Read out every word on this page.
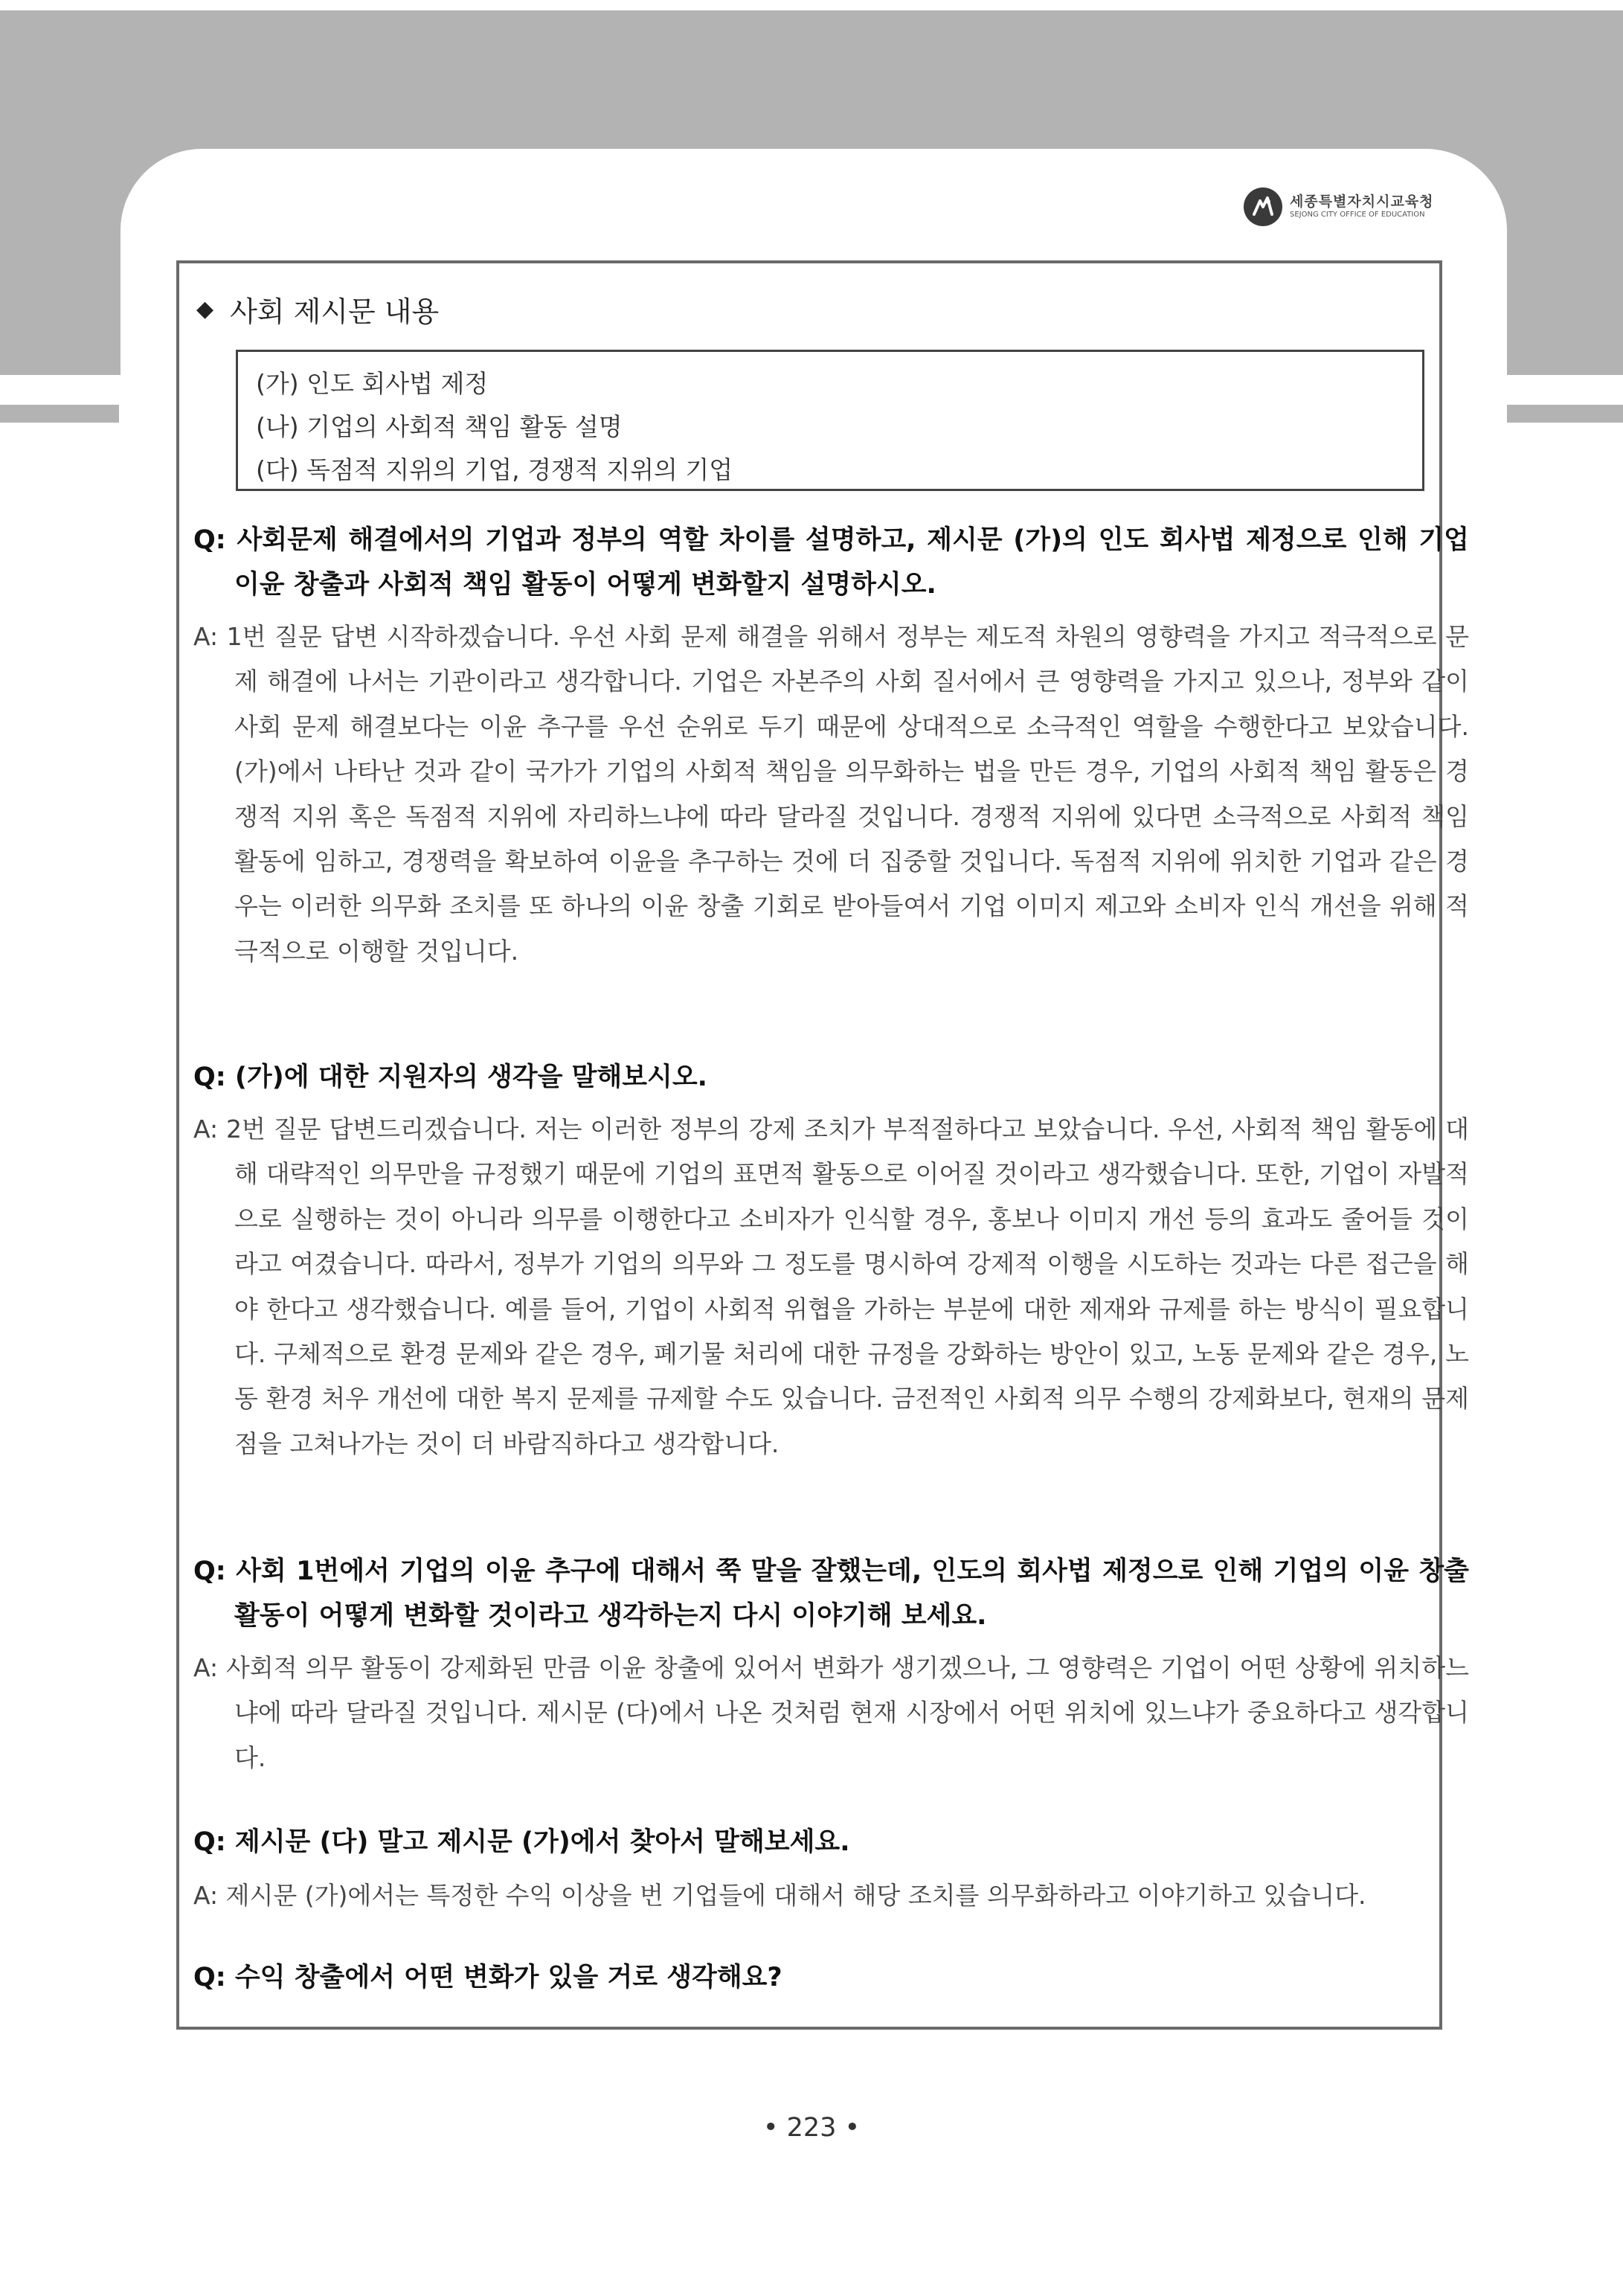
세종특별자치시교육청
SEJONG CITY OFFICE OF EDUCATION
◆ 사회 제시문 내용
(가) 인도 회사법 제정
(나) 기업의 사회적 책임 활동 설명
(다) 독점적 지위의 기업, 경쟁적 지위의 기업
Q: 사회문제 해결에서의 기업과 정부의 역할 차이를 설명하고, 제시문 (가)의 인도 회사법 제정으로 인해 기업 이윤 창출과 사회적 책임 활동이 어떻게 변화할지 설명하시오.
A: 1번 질문 답변 시작하겠습니다. 우선 사회 문제 해결을 위해서 정부는 제도적 차원의 영향력을 가지고 적극적으로 문제 해결에 나서는 기관이라고 생각합니다. 기업은 자본주의 사회 질서에서 큰 영향력을 가지고 있으나, 정부와 같이 사회 문제 해결보다는 이윤 추구를 우선 순위로 두기 때문에 상대적으로 소극적인 역할을 수행한다고 보았습니다. (가)에서 나타난 것과 같이 국가가 기업의 사회적 책임을 의무화하는 법을 만든 경우, 기업의 사회적 책임 활동은 경쟁적 지위 혹은 독점적 지위에 자리하느냐에 따라 달라질 것입니다. 경쟁적 지위에 있다면 소극적으로 사회적 책임 활동에 임하고, 경쟁력을 확보하여 이윤을 추구하는 것에 더 집중할 것입니다. 독점적 지위에 위치한 기업과 같은 경우는 이러한 의무화 조치를 또 하나의 이윤 창출 기회로 받아들여서 기업 이미지 제고와 소비자 인식 개선을 위해 적극적으로 이행할 것입니다.
Q: (가)에 대한 지원자의 생각을 말해보시오.
A: 2번 질문 답변드리겠습니다. 저는 이러한 정부의 강제 조치가 부적절하다고 보았습니다. 우선, 사회적 책임 활동에 대해 대략적인 의무만을 규정했기 때문에 기업의 표면적 활동으로 이어질 것이라고 생각했습니다. 또한, 기업이 자발적으로 실행하는 것이 아니라 의무를 이행한다고 소비자가 인식할 경우, 홍보나 이미지 개선 등의 효과도 줄어들 것이라고 여겼습니다. 따라서, 정부가 기업의 의무와 그 정도를 명시하여 강제적 이행을 시도하는 것과는 다른 접근을 해야 한다고 생각했습니다. 예를 들어, 기업이 사회적 위협을 가하는 부분에 대한 제재와 규제를 하는 방식이 필요합니다. 구체적으로 환경 문제와 같은 경우, 폐기물 처리에 대한 규정을 강화하는 방안이 있고, 노동 문제와 같은 경우, 노동 환경 처우 개선에 대한 복지 문제를 규제할 수도 있습니다. 금전적인 사회적 의무 수행의 강제화보다, 현재의 문제점을 고쳐나가는 것이 더 바람직하다고 생각합니다.
Q: 사회 1번에서 기업의 이윤 추구에 대해서 쭉 말을 잘했는데, 인도의 회사법 제정으로 인해 기업의 이윤 창출 활동이 어떻게 변화할 것이라고 생각하는지 다시 이야기해 보세요.
A: 사회적 의무 활동이 강제화된 만큼 이윤 창출에 있어서 변화가 생기겠으나, 그 영향력은 기업이 어떤 상황에 위치하느냐에 따라 달라질 것입니다. 제시문 (다)에서 나온 것처럼 현재 시장에서 어떤 위치에 있느냐가 중요하다고 생각합니다.
Q: 제시문 (다) 말고 제시문 (가)에서 찾아서 말해보세요.
A: 제시문 (가)에서는 특정한 수익 이상을 번 기업들에 대해서 해당 조치를 의무화하라고 이야기하고 있습니다.
Q: 수익 창출에서 어떤 변화가 있을 거로 생각해요?
• 223 •
